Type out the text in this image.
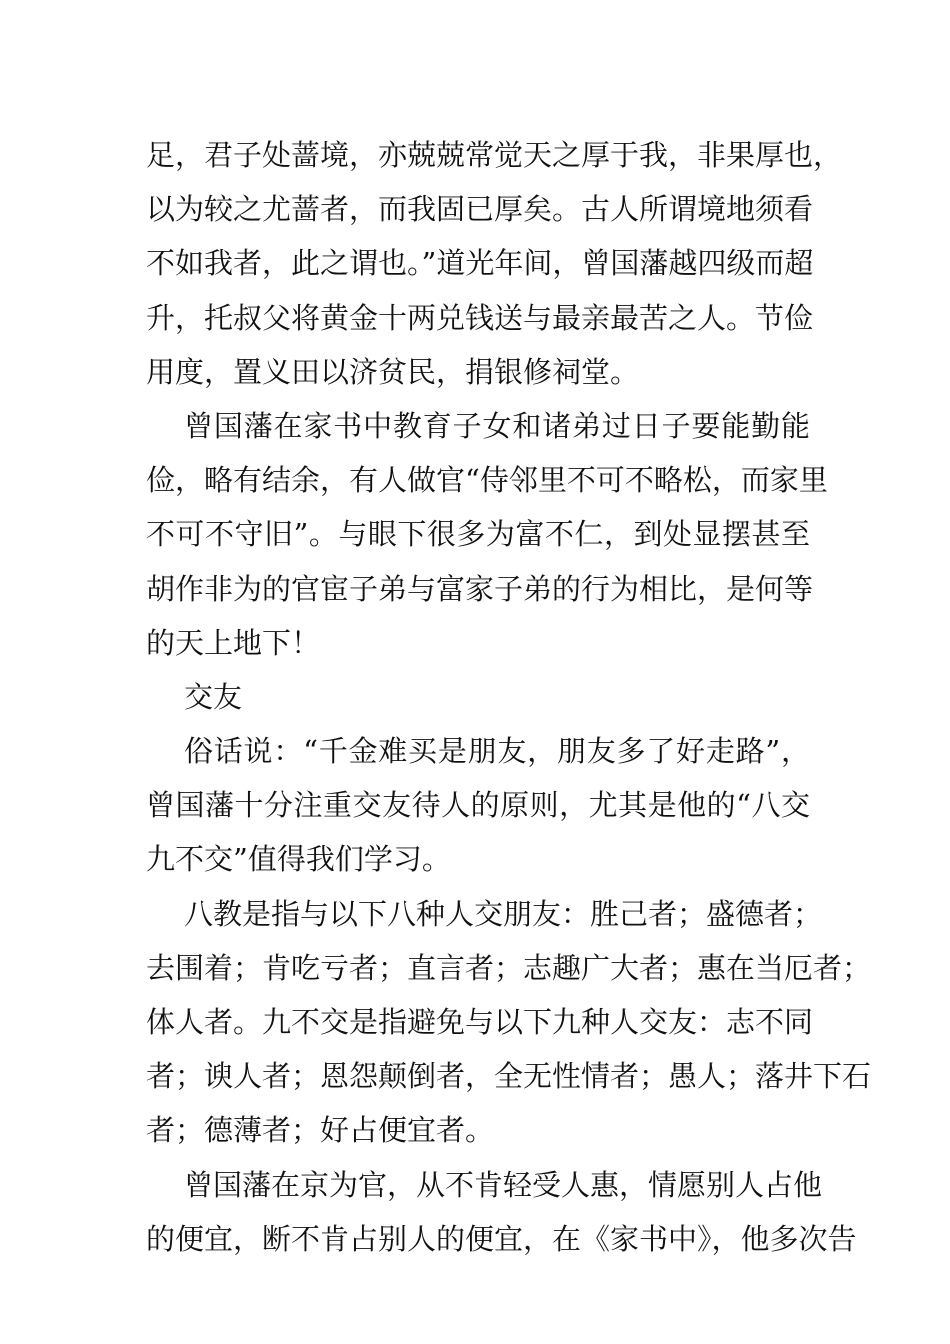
足，君子处蔷境，亦兢兢常觉天之厚于我，非果厚也，
以为较之尤蔷者，而我固已厚矣。古人所谓境地须看
不如我者，此之谓也。”道光年间，曾国藩越四级而超
升，托叔父将黄金十两兑钱送与最亲最苦之人。节俭
用度，置义田以济贫民，捐银修祠堂。
曾国藩在家书中教育子女和诸弟过日子要能勤能
俭，略有结余，有人做官“侍邻里不可不略松，而家里
不可不守旧”。与眼下很多为富不仁，到处显摆甚至
胡作非为的官宦子弟与富家子弟的行为相比，是何等
的天上地下！
交友
俗话说：“千金难买是朋友，朋友多了好走路”，
曾国藩十分注重交友待人的原则，尤其是他的“八交
九不交”值得我们学习。
八教是指与以下八种人交朋友：胜己者；盛德者；
去围着；肯吃亏者；直言者；志趣广大者；惠在当厄者；
体人者。九不交是指避免与以下九种人交友：志不同
者；谀人者；恩怨颠倒者，全无性情者；愚人；落井下石
者；德薄者；好占便宜者。
曾国藩在京为官，从不肯轻受人惠，情愿别人占他
的便宜，断不肯占别人的便宜，在《家书中》，他多次告
